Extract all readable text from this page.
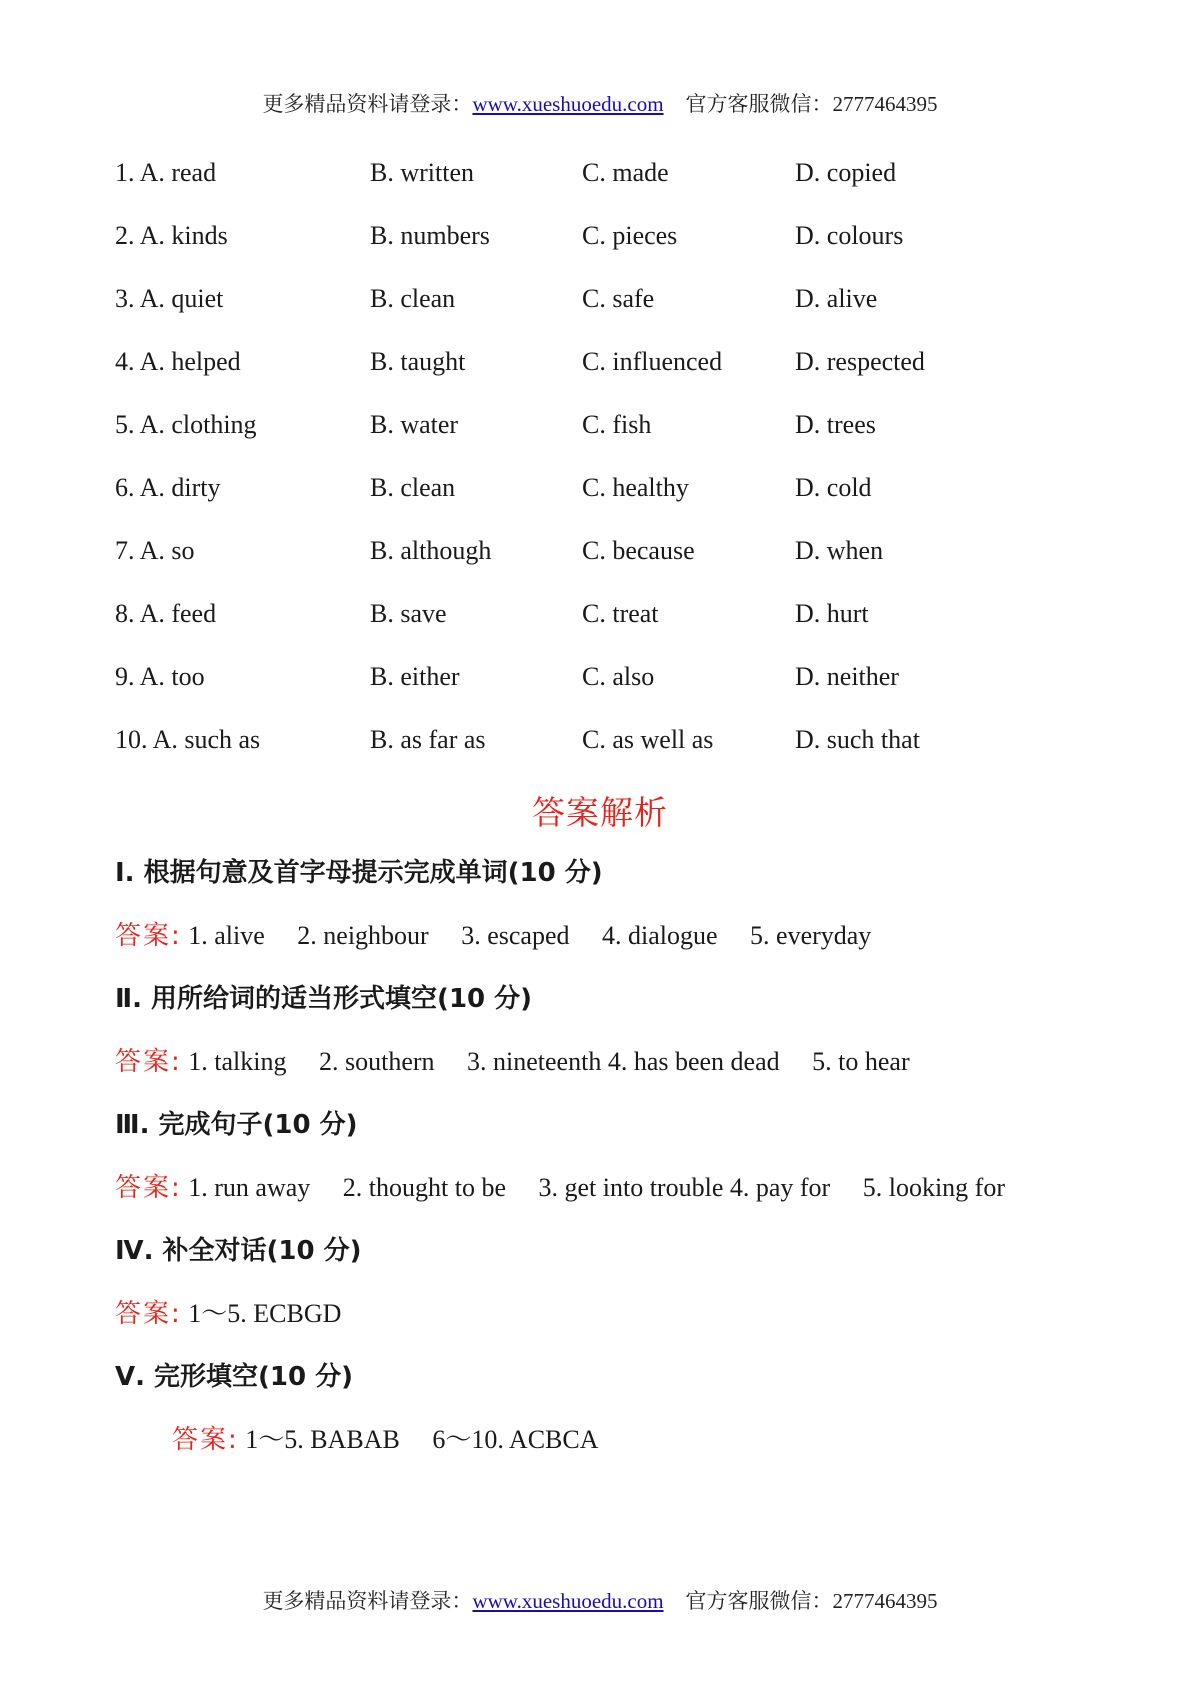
更多精品资料请登录：www.xueshuoedu.com 官方客服微信：2777464395
1. A. read	B. written	C. made	D. copied
2. A. kinds	B. numbers	C. pieces	D. colours
3. A. quiet	B. clean	C. safe	D. alive
4. A. helped	B. taught	C. influenced	D. respected
5. A. clothing	B. water	C. fish	D. trees
6. A. dirty	B. clean	C. healthy	D. cold
7. A. so	B. although	C. because	D. when
8. A. feed	B. save	C. treat	D. hurt
9. A. too	B. either	C. also	D. neither
10. A. such as	B. as far as	C. as well as	D. such that
答案解析
Ⅰ. 根据句意及首字母提示完成单词(10 分)
答案: 1. alive 2. neighbour 3. escaped 4. dialogue 5. everyday
Ⅱ. 用所给词的适当形式填空(10 分)
答案: 1. talking 2. southern 3. nineteenth 4. has been dead 5. to hear
Ⅲ. 完成句子(10 分)
答案: 1. run away 2. thought to be 3. get into trouble 4. pay for 5. looking for
Ⅳ. 补全对话(10 分)
答案: 1～5. ECBGD
Ⅴ. 完形填空(10 分)
答案: 1～5. BABAB 6～10. ACBCA
更多精品资料请登录：www.xueshuoedu.com 官方客服微信：2777464395
